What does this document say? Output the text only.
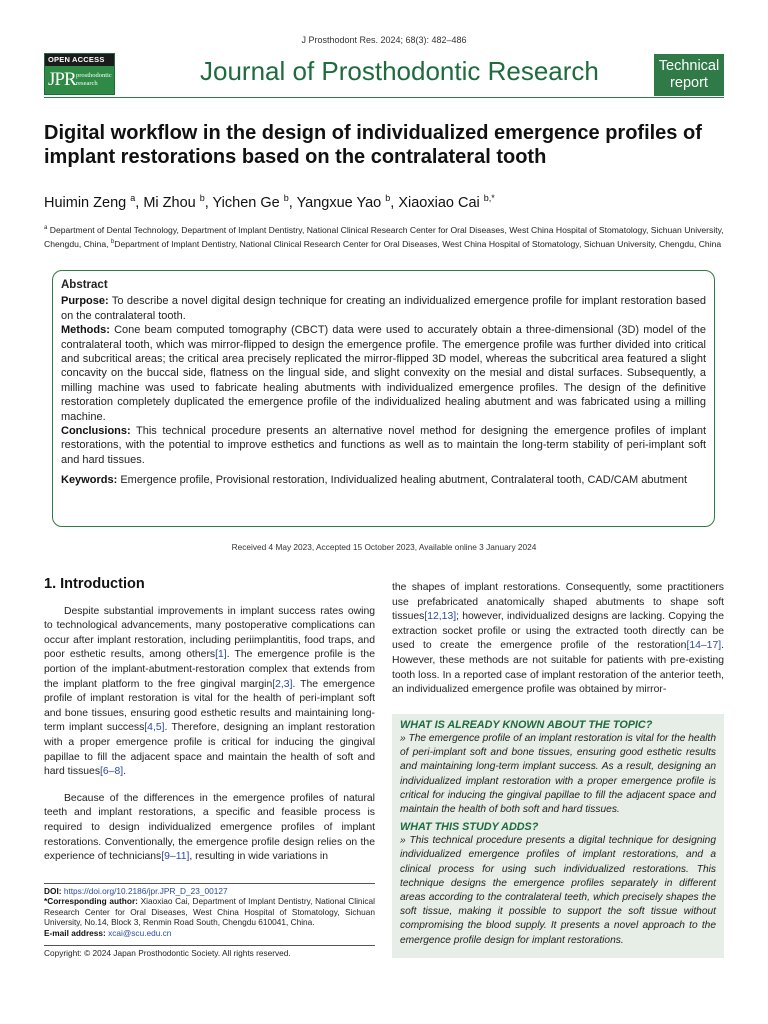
J Prosthodont Res. 2024; 68(3): 482–486
OPEN ACCESS
JPR prosthodontic
research	Journal of Prosthodontic Research	Technical
report
Digital workflow in the design of individualized emergence profiles of implant restorations based on the contralateral tooth

Huimin Zeng $^a$, Mi Zhou $^b$, Yichen Ge $^b$, Yangxue Yao $^b$, Xiaoxiao Cai $^{b,*}$

$^a$ Department of Dental Technology, Department of Implant Dentistry, National Clinical Research Center for Oral Diseases, West China Hospital of Stomatology, Sichuan University, Chengdu, China, $^b$Department of Implant Dentistry, National Clinical Research Center for Oral Diseases, West China Hospital of Stomatology, Sichuan University, Chengdu, China

Abstract

Purpose: To describe a novel digital design technique for creating an individualized emergence profile for implant restoration based on the contralateral tooth.

Methods: Cone beam computed tomography (CBCT) data were used to accurately obtain a three-dimensional (3D) model of the contralateral tooth, which was mirror-flipped to design the emergence profile. The emergence profile was further divided into critical and subcritical areas; the critical area precisely replicated the mirror-flipped 3D model, whereas the subcritical area featured a slight concavity on the buccal side, flatness on the lingual side, and slight convexity on the mesial and distal surfaces. Subsequently, a milling machine was used to fabricate healing abutments with individualized emergence profiles. The design of the definitive restoration completely duplicated the emergence profile of the individualized healing abutment and was fabricated using a milling machine.

Conclusions: This technical procedure presents an alternative novel method for designing the emergence profiles of implant restorations, with the potential to improve esthetics and functions as well as to maintain the long-term stability of peri-implant soft and hard tissues.

Keywords: Emergence profile, Provisional restoration, Individualized healing abutment, Contralateral tooth, CAD/CAM abutment

Received 4 May 2023, Accepted 15 October 2023, Available online 3 January 2024
1. Introduction

Despite substantial improvements in implant success rates owing to technological advancements, many postoperative complications can occur after implant restoration, including periimplantitis, food traps, and poor esthetic results, among others[1]. The emergence profile is the portion of the implant-abutment-restoration complex that extends from the implant platform to the free gingival margin[2,3]. The emergence profile of implant restoration is vital for the health of peri-implant soft and bone tissues, ensuring good esthetic results and maintaining long-term implant success[4,5]. Therefore, designing an implant restoration with a proper emergence profile is critical for inducing the gingival papillae to fill the adjacent space and maintain the health of soft and hard tissues[6–8].

Because of the differences in the emergence profiles of natural teeth and implant restorations, a specific and feasible process is required to design individualized emergence profiles of implant restorations. Conventionally, the emergence profile design relies on the experience of technicians[9–11], resulting in wide variations in

DOI: https://doi.org/10.2186/jpr.JPR_D_23_00127

*Corresponding author: Xiaoxiao Cai, Department of Implant Dentistry, National Clinical Research Center for Oral Diseases, West China Hospital of Stomatology, Sichuan University, No.14, Block 3, Renmin Road South, Chengdu 610041, China.

E-mail address: xcai@scu.edu.cn

Copyright: © 2024 Japan Prosthodontic Society. All rights reserved.

the shapes of implant restorations. Consequently, some practitioners use prefabricated anatomically shaped abutments to shape soft tissues[12,13]; however, individualized designs are lacking. Copying the extraction socket profile or using the extracted tooth directly can be used to create the emergence profile of the restoration[14–17]. However, these methods are not suitable for patients with pre-existing tooth loss. In a reported case of implant restoration of the anterior teeth, an individualized emergence profile was obtained by mirror-

WHAT IS ALREADY KNOWN ABOUT THE TOPIC?

» The emergence profile of an implant restoration is vital for the health of peri-implant soft and bone tissues, ensuring good esthetic results and maintaining long-term implant success. As a result, designing an individualized implant restoration with a proper emergence profile is critical for inducing the gingival papillae to fill the adjacent space and maintain the health of both soft and hard tissues.

WHAT THIS STUDY ADDS?

» This technical procedure presents a digital technique for designing individualized emergence profiles of implant restorations, and a clinical process for using such individualized restorations. This technique designs the emergence profiles separately in different areas according to the contralateral teeth, which precisely shapes the soft tissue, making it possible to support the soft tissue without compromising the blood supply. It presents a novel approach to the emergence profile design for implant restorations.
